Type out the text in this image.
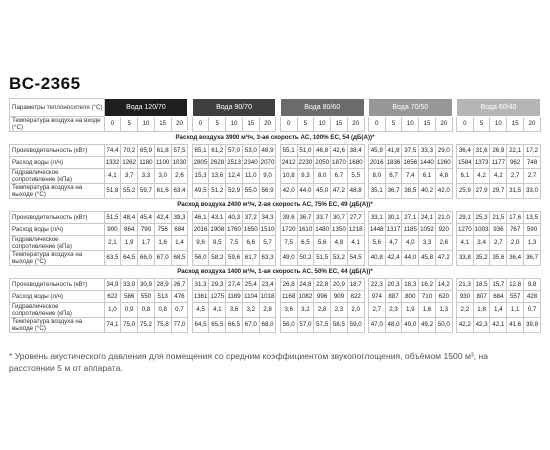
BC-2365
Параметры теплоносителя (°C)	Вода 120/70						Вода 90/70						Вода 80/60						Вода 70/50						Вода 60/40				
Температура воздуха на входе (°C)	0	5	10	15	20		0	5	10	15	20		0	5	10	15	20		0	5	10	15	20		0	5	10	15	20
Расход воздуха 3900 м³/ч, 3-ая скорость AC, 100% EC, 54 (дБ(А))*																													
Производительность (кВт)	74,4	70,2	65,9	61,8	57,5		65,1	61,2	57,0	53,0	48,9		55,1	51,0	46,8	42,6	38,4		45,9	41,8	37,5	33,3	29,0		36,4	31,6	26,9	22,1	17,2
Расход воды (л/ч)	1332	1262	1180	1100	1030		2805	2628	2513	2340	2070		2412	2230	2050	1870	1680		2016	1836	1656	1440	1260		1584	1373	1177	962	748
Гидравлическое сопротивление (кПа)	4,1	3,7	3,3	3,0	2,6		15,3	13,6	12,4	11,0	9,0		10,8	9,3	8,0	6,7	5,5		8,0	6,7	7,4	6,1	4,8		6,1	4,2	4,2	2,7	2,7
Температура воздуха на выходе (°C)	51,8	55,2	59,7	61,6	63,4		49,5	51,2	52,9	55,0	56,9		42,0	44,0	45,0	47,2	48,8		35,1	36,7	38,5	40,2	42,0		25,9	27,9	29,7	31,5	33,0
Расход воздуха 2400 м³/ч, 2-ая скорость AC, 75% EC, 49 (дБ(А))*																													
Производительность (кВт)	51,5	48,4	45,4	42,4	39,3		46,1	43,1	40,3	37,2	34,3		39,6	36,7	33,7	30,7	27,7		33,1	30,1	27,1	24,1	21,0		29,1	25,3	21,5	17,6	13,5
Расход воды (л/ч)	900	864	790	756	684		2016	1908	1760	1650	1510		1720	1610	1480	1350	1218		1448	1317	1185	1052	920		1270	1003	936	767	590
Гидравлическое сопротивление (кПа)	2,1	1,9	1,7	1,6	1,4		9,6	8,5	7,5	6,6	5,7		7,5	6,5	5,6	4,8	4,1		5,6	4,7	4,0	3,3	2,6		4,1	3,4	2,7	2,0	1,3
Температура воздуха на выходе (°C)	63,5	64,5	66,0	67,0	68,5		56,0	58,2	59,6	61,7	63,3		49,0	50,2	51,5	53,2	54,5		40,8	42,4	44,0	45,8	47,2		33,8	35,2	35,6	36,4	36,7
Расход воздуха 1400 м³/ч, 1-ая скорость AC, 50% EC, 44 (дБ(А))*																													
Производительность (кВт)	34,9	33,0	30,9	28,9	26,7		31,3	29,3	27,4	25,4	23,4		26,8	24,8	22,8	20,9	18,7		22,3	20,3	18,3	16,2	14,2		21,3	18,5	15,7	12,8	9,8
Расход воды (л/ч)	622	586	550	513	476		1361	1275	1189	1104	1018		1168	1082	996	909	822		974	887	800	710	620		930	807	684	557	428
Гидравлическое сопротивление (кПа)	1,0	0,9	0,8	0,8	0,7		4,5	4,1	3,6	3,2	2,8		3,6	3,2	2,8	2,3	2,0		2,7	2,3	1,9	1,6	1,3		2,2	1,8	1,4	1,1	0,7
Температура воздуха на выходе (°C)	74,1	75,0	75,2	75,8	77,0		64,5	65,5	66,5	67,0	68,0		56,0	57,0	57,5	58,5	59,0		47,0	48,0	49,0	49,2	50,0		42,2	42,3	42,1	41,6	39,8
* Уровень акустического давления для помещения со средним коэффициентом звукопоглощения, объёмом 1500 м³, на расстоянии 5 м от аппарата.
